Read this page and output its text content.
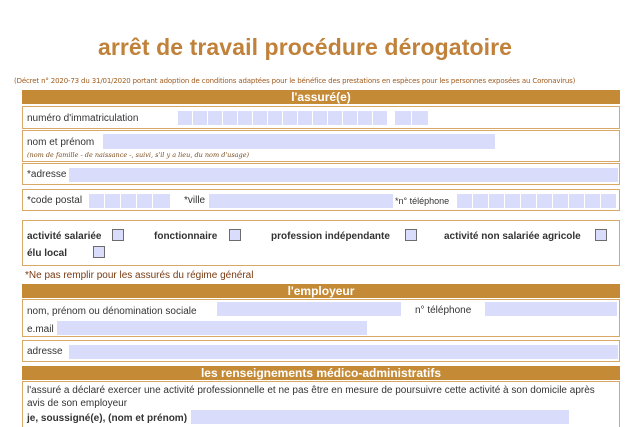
arrêt de travail procédure dérogatoire
(Décret n° 2020-73 du 31/01/2020 portant adoption de conditions adaptées pour le bénéfice des prestations en espèces pour les personnes exposées au Coronavirus)
l'assuré(e)
numéro d'immatriculation
nom et prénom
(nom de famille - de naissance -, suivi, s'il y a lieu, du nom d'usage)
*adresse
*code postal	*ville	*n° téléphone
activité salariée	fonctionnaire	profession indépendante	activité non salariée agricole
élu local
*Ne pas remplir pour les assurés du régime général
l'employeur
nom, prénom ou dénomination sociale	n° téléphone
e.mail
adresse
les renseignements médico-administratifs
l'assuré a déclaré exercer une activité professionnelle et ne pas être en mesure de poursuivre cette activité à son domicile après avis de son employeur
je, soussigné(e), (nom et prénom)
